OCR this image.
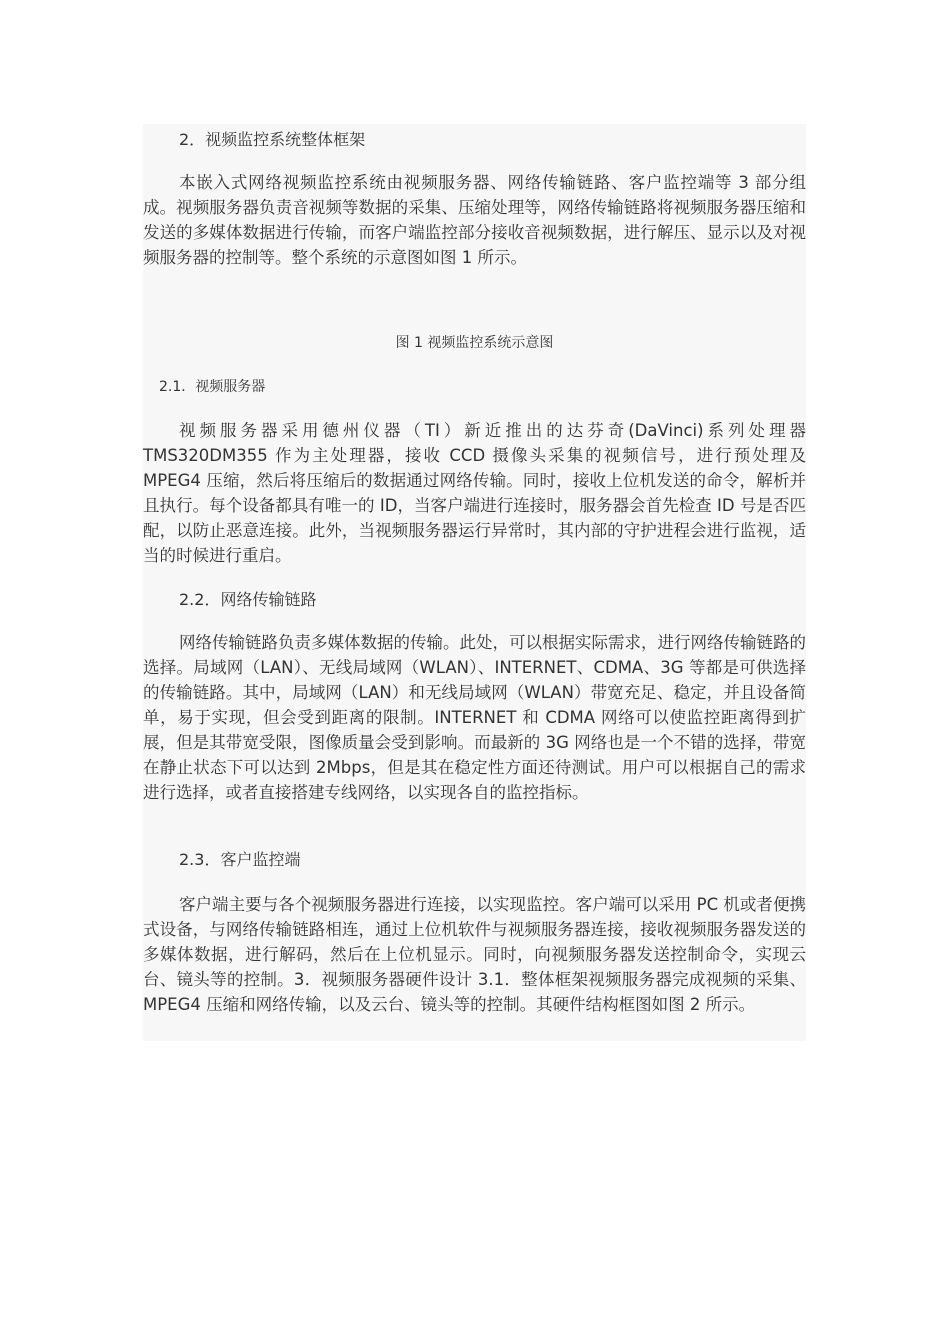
2．视频监控系统整体框架

本嵌入式网络视频监控系统由视频服务器、网络传输链路、客户监控端等 3 部分组成。视频服务器负责音视频等数据的采集、压缩处理等，网络传输链路将视频服务器压缩和发送的多媒体数据进行传输，而客户端监控部分接收音视频数据，进行解压、显示以及对视频服务器的控制等。整个系统的示意图如图 1 所示。

图 1 视频监控系统示意图

2.1．视频服务器

视频服务器采用德州仪器（TI）新近推出的达芬奇(DaVinci)系列处理器 TMS320DM355 作为主处理器，接收 CCD 摄像头采集的视频信号，进行预处理及 MPEG4 压缩，然后将压缩后的数据通过网络传输。同时，接收上位机发送的命令，解析并且执行。每个设备都具有唯一的 ID，当客户端进行连接时，服务器会首先检查 ID 号是否匹配，以防止恶意连接。此外，当视频服务器运行异常时，其内部的守护进程会进行监视，适当的时候进行重启。

2.2．网络传输链路

网络传输链路负责多媒体数据的传输。此处，可以根据实际需求，进行网络传输链路的选择。局域网（LAN）、无线局域网（WLAN）、INTERNET、CDMA、3G 等都是可供选择的传输链路。其中，局域网（LAN）和无线局域网（WLAN）带宽充足、稳定，并且设备简单，易于实现，但会受到距离的限制。INTERNET 和 CDMA 网络可以使监控距离得到扩展，但是其带宽受限，图像质量会受到影响。而最新的 3G 网络也是一个不错的选择，带宽在静止状态下可以达到 2Mbps，但是其在稳定性方面还待测试。用户可以根据自己的需求进行选择，或者直接搭建专线网络，以实现各自的监控指标。

2.3．客户监控端

客户端主要与各个视频服务器进行连接，以实现监控。客户端可以采用 PC 机或者便携式设备，与网络传输链路相连，通过上位机软件与视频服务器连接，接收视频服务器发送的多媒体数据，进行解码，然后在上位机显示。同时，向视频服务器发送控制命令，实现云台、镜头等的控制。3．视频服务器硬件设计 3.1．整体框架视频服务器完成视频的采集、MPEG4 压缩和网络传输，以及云台、镜头等的控制。其硬件结构框图如图 2 所示。
